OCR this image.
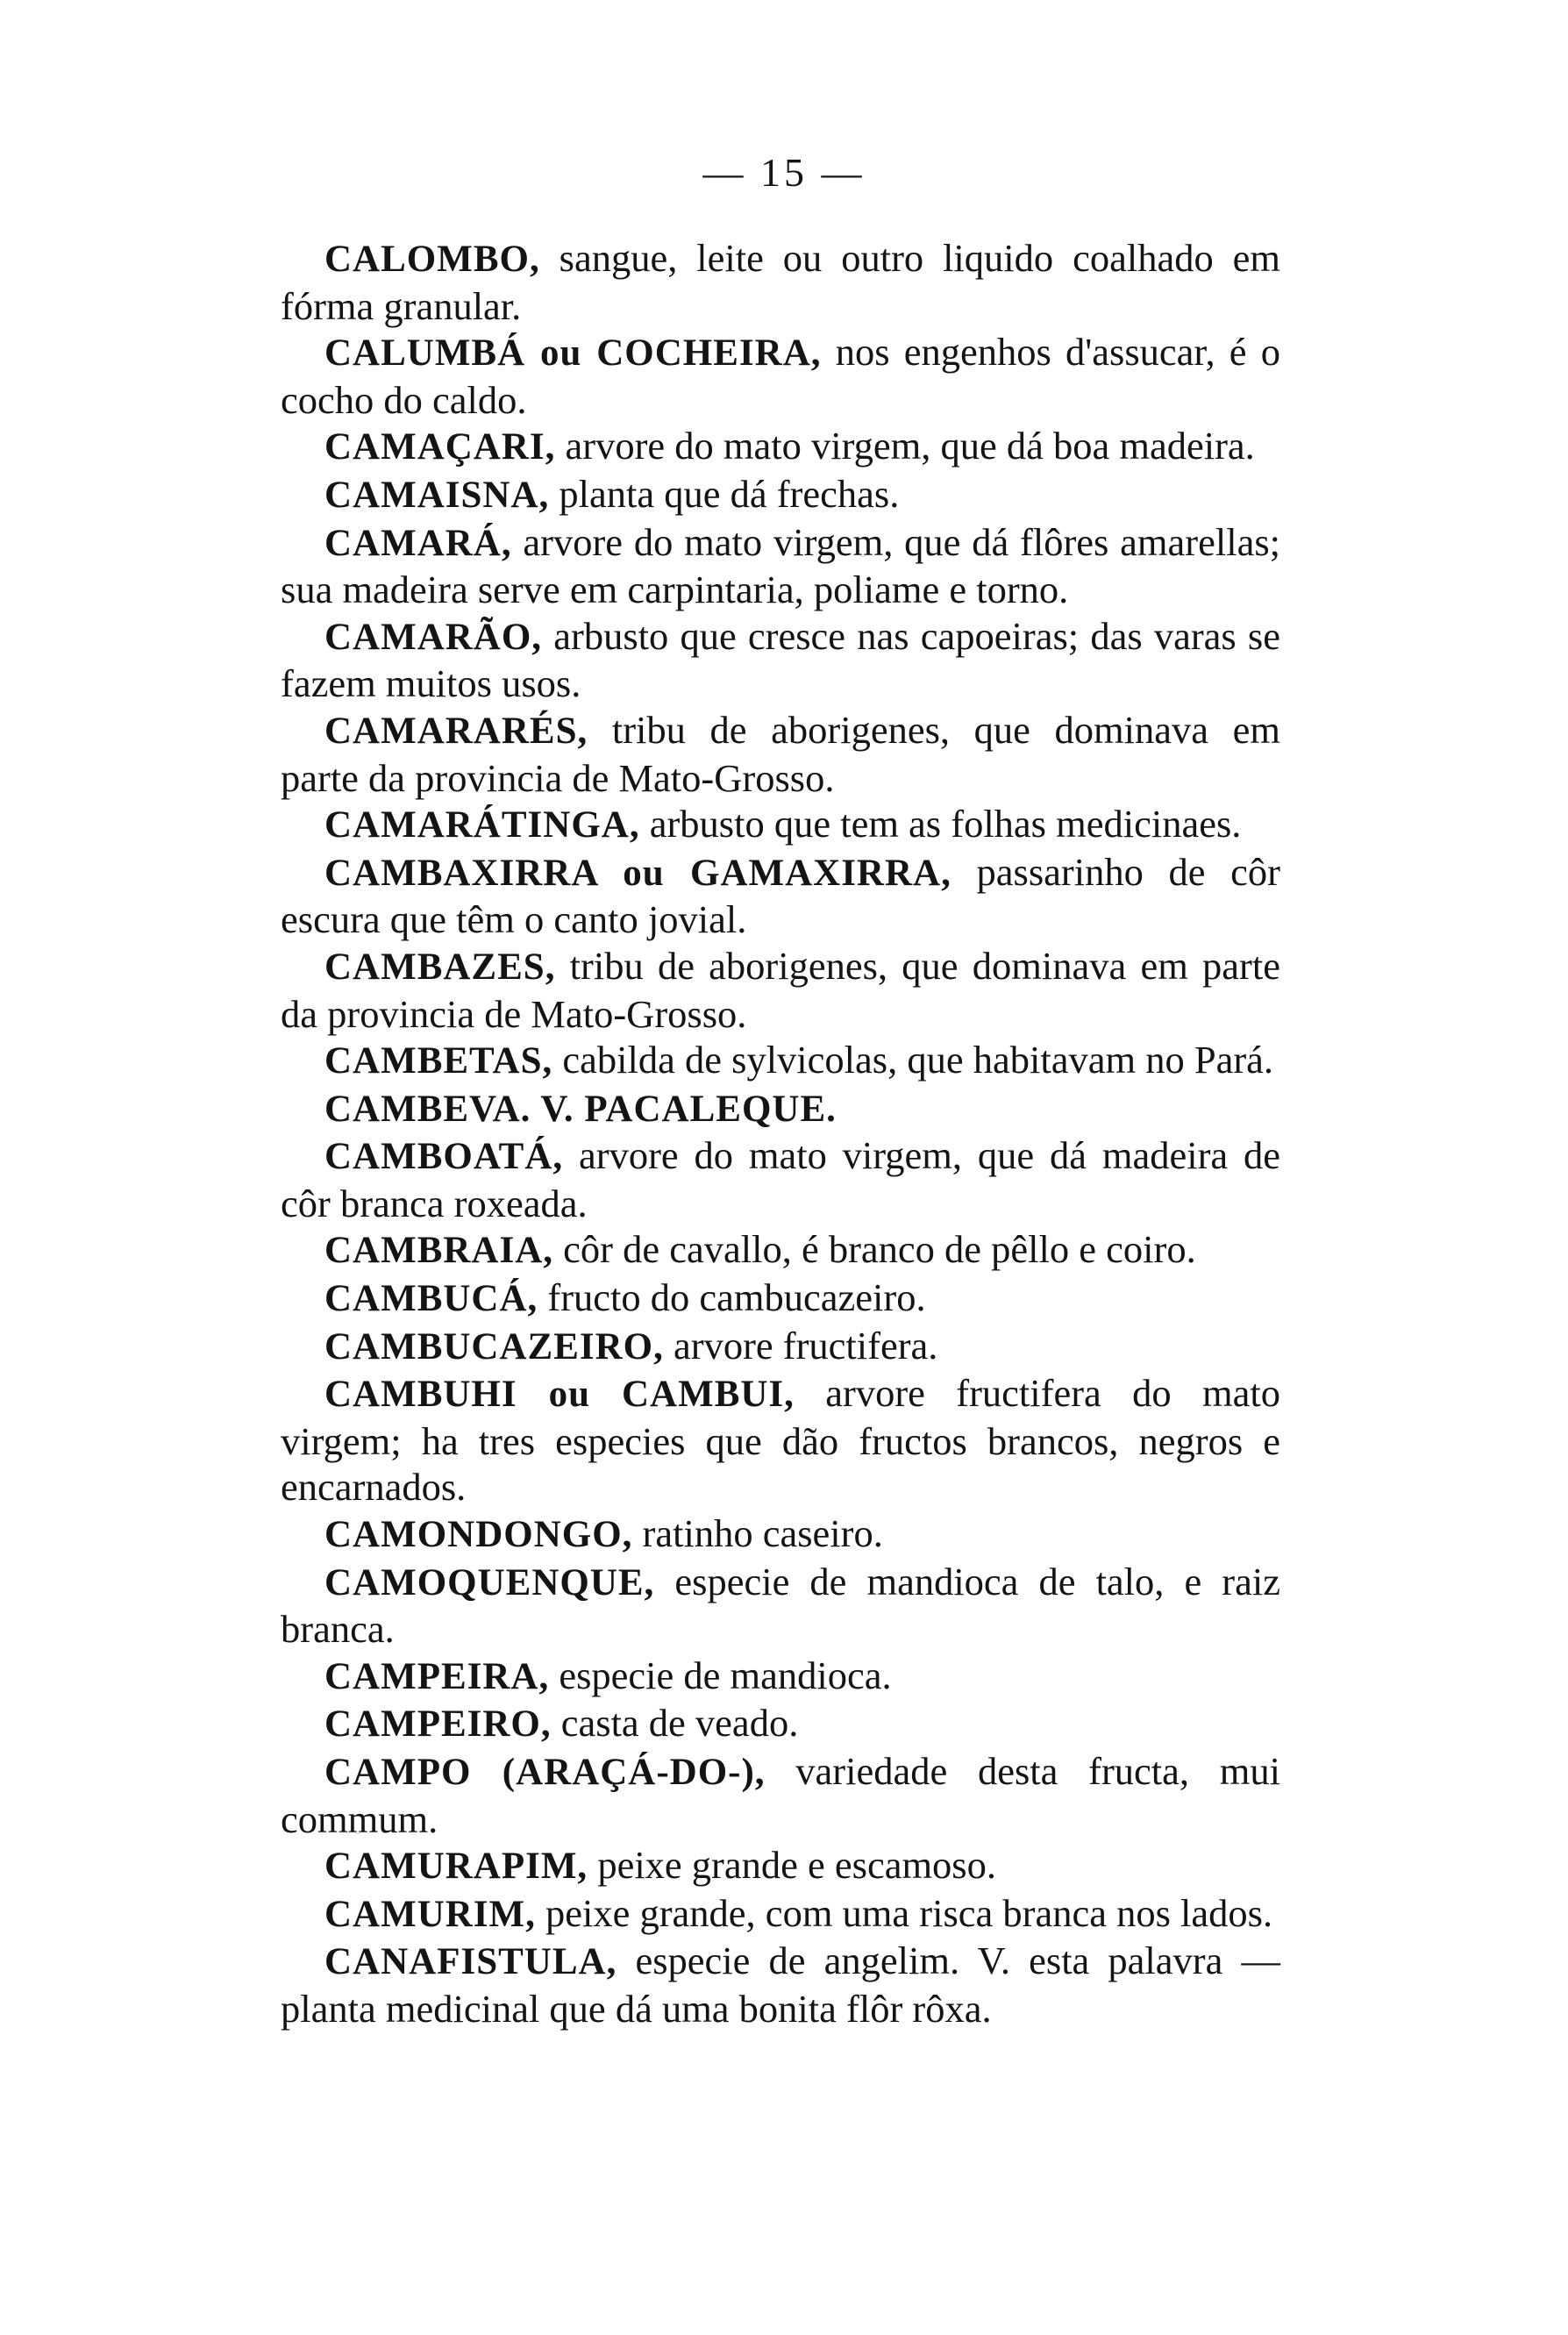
— 15 —

CALOMBO, sangue, leite ou outro liquido coalhado em fórma granular.

CALUMBÁ ou COCHEIRA, nos engenhos d'assucar, é o cocho do caldo.

CAMAÇARI, arvore do mato virgem, que dá boa madeira.

CAMAISNA, planta que dá frechas.

CAMARÁ, arvore do mato virgem, que dá flôres amarellas; sua madeira serve em carpintaria, poliame e torno.

CAMARÃO, arbusto que cresce nas capoeiras; das varas se fazem muitos usos.

CAMARARÉS, tribu de aborigenes, que dominava em parte da provincia de Mato-Grosso.

CAMARÁTINGA, arbusto que tem as folhas medicinaes.

CAMBAXIRRA ou GAMAXIRRA, passarinho de côr escura que têm o canto jovial.

CAMBAZES, tribu de aborigenes, que dominava em parte da provincia de Mato-Grosso.

CAMBETAS, cabilda de sylvicolas, que habitavam no Pará.

CAMBEVA. V. PACALEQUE.

CAMBOATÁ, arvore do mato virgem, que dá madeira de côr branca roxeada.

CAMBRAIA, côr de cavallo, é branco de pêllo e coiro.

CAMBUCÁ, fructo do cambucazeiro.

CAMBUCAZEIRO, arvore fructifera.

CAMBUHI ou CAMBUI, arvore fructifera do mato virgem; ha tres especies que dão fructos brancos, negros e encarnados.

CAMONDONGO, ratinho caseiro.

CAMOQUENQUE, especie de mandioca de talo, e raiz branca.

CAMPEIRA, especie de mandioca.

CAMPEIRO, casta de veado.

CAMPO (ARAÇÁ-DO-), variedade desta fructa, mui commum.

CAMURAPIM, peixe grande e escamoso.

CAMURIM, peixe grande, com uma risca branca nos lados.

CANAFISTULA, especie de angelim. V. esta palavra — planta medicinal que dá uma bonita flôr rôxa.
